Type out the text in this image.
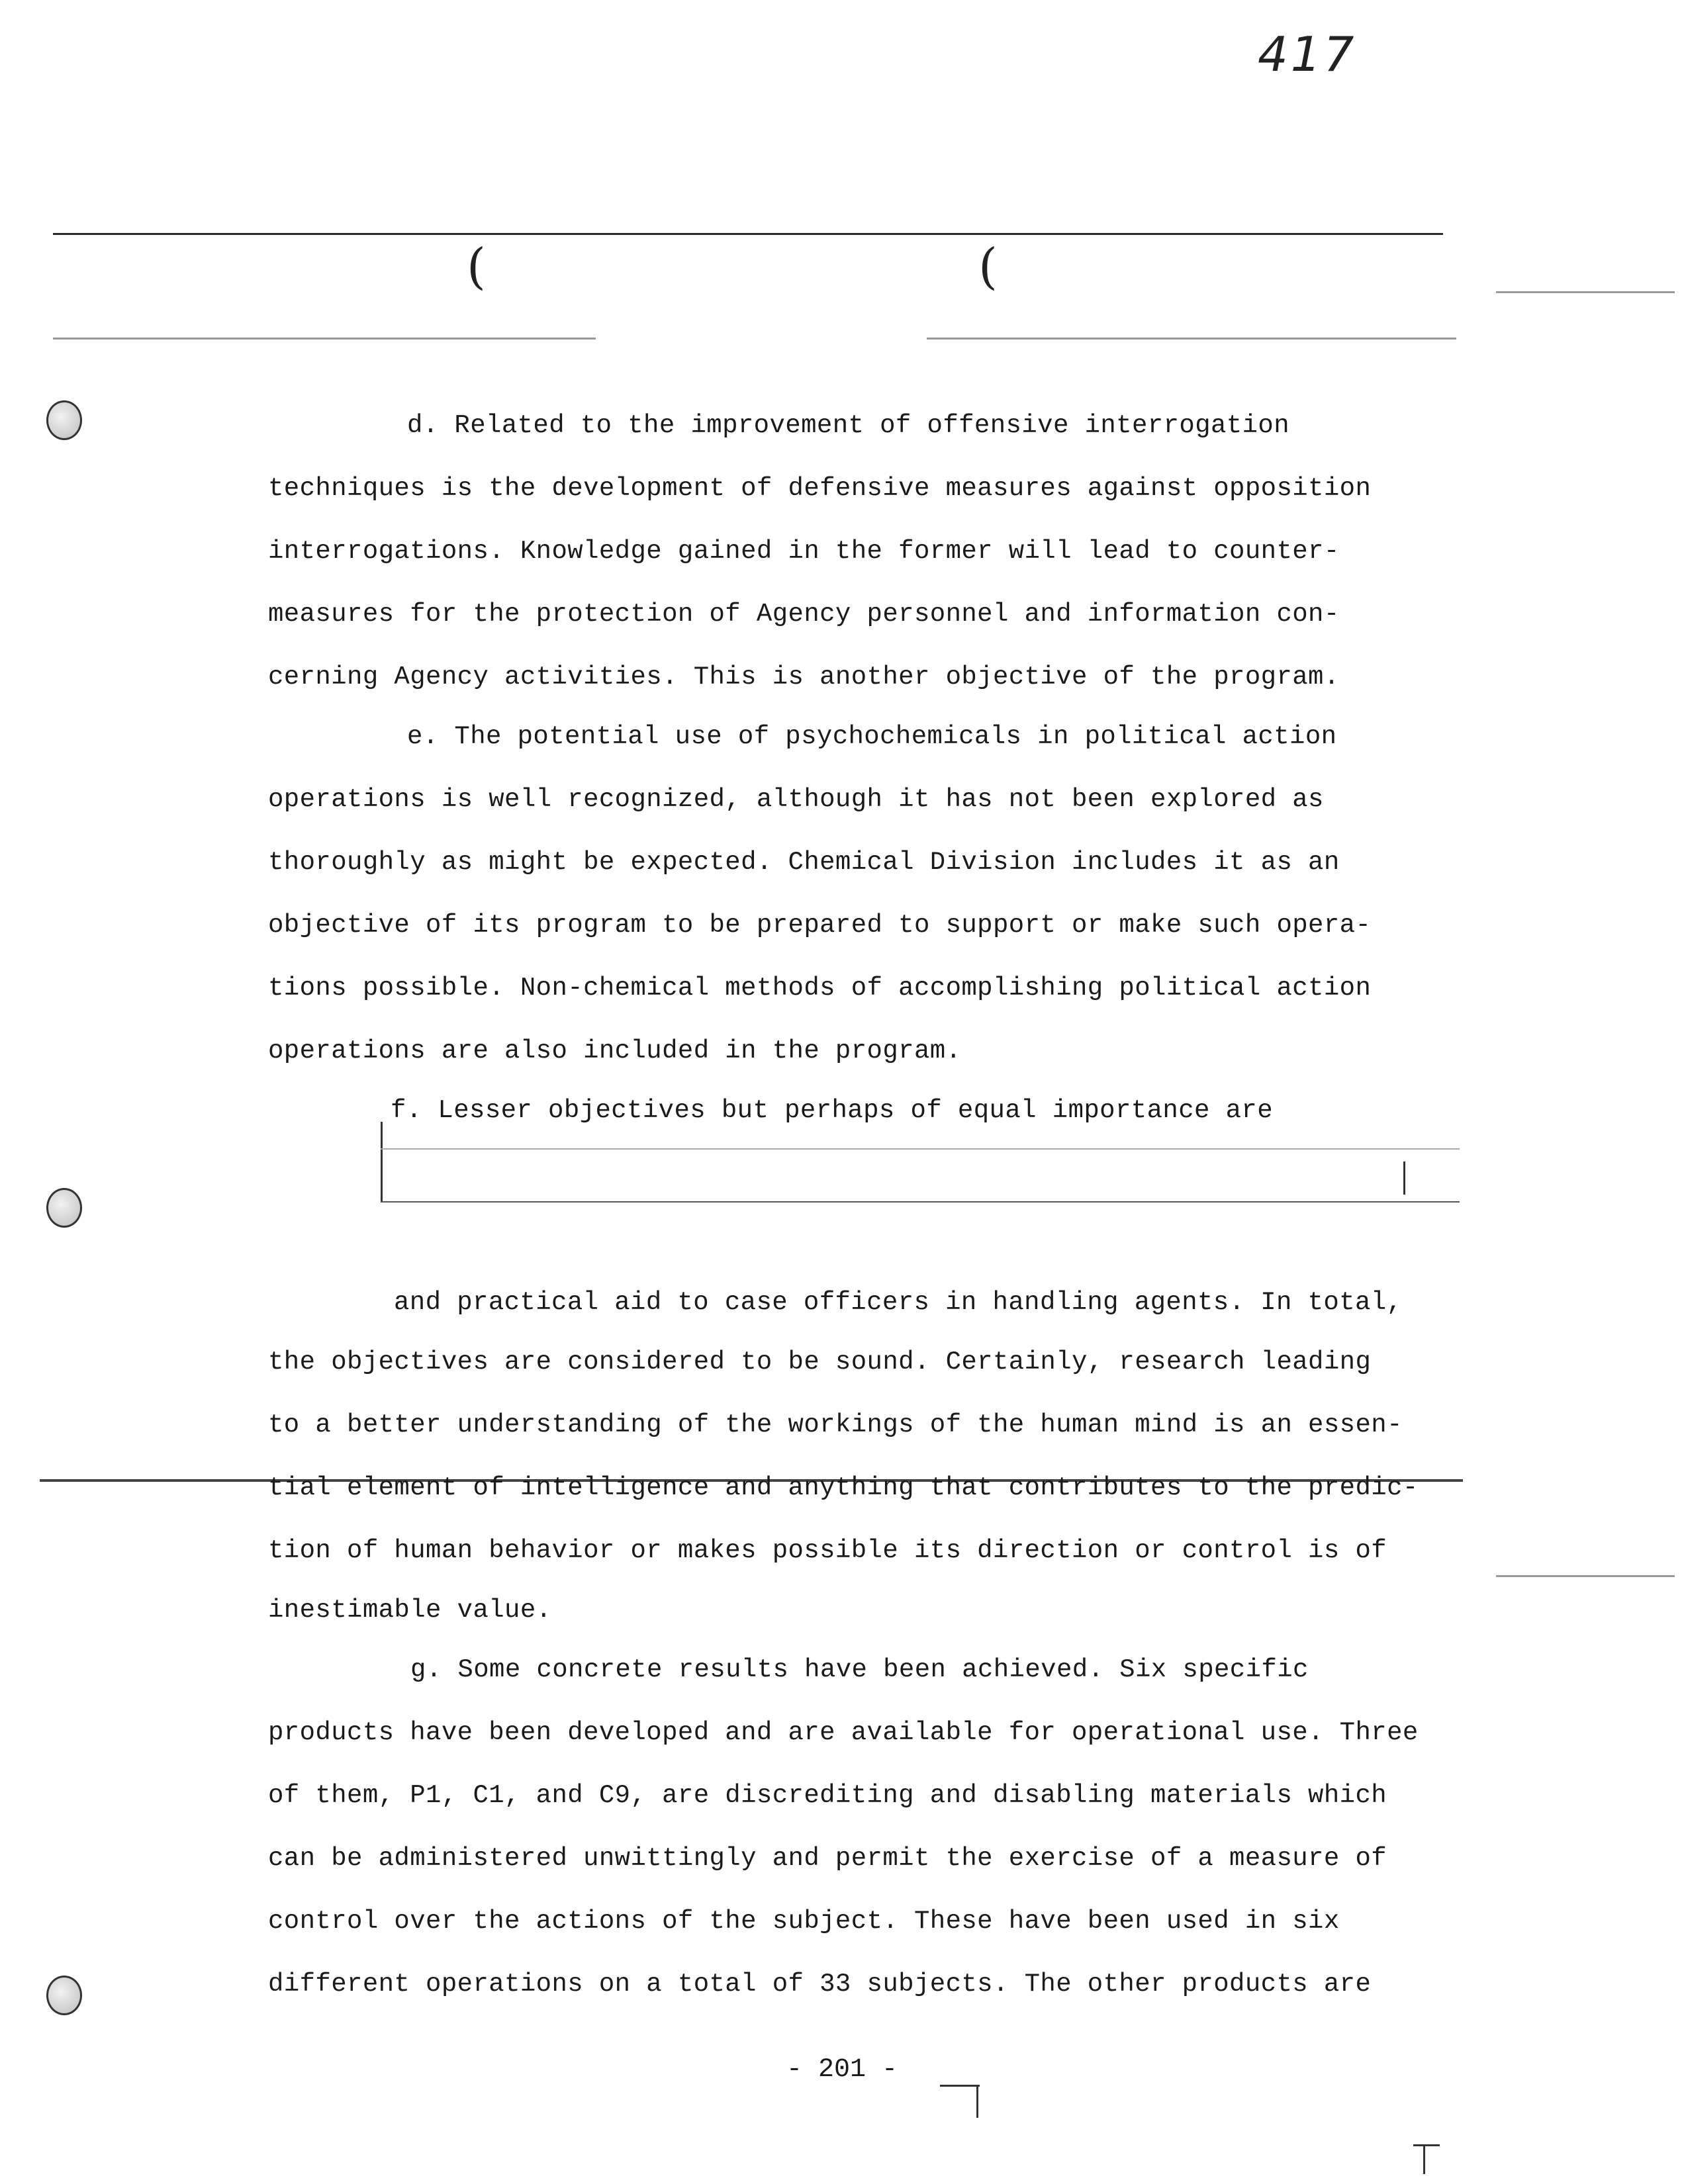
417
(	(
d. Related to the improvement of offensive interrogation
techniques is the development of defensive measures against opposition
interrogations. Knowledge gained in the former will lead to counter-
measures for the protection of Agency personnel and information con-
cerning Agency activities. This is another objective of the program.
e. The potential use of psychochemicals in political action
operations is well recognized, although it has not been explored as
thoroughly as might be expected. Chemical Division includes it as an
objective of its program to be prepared to support or make such opera-
tions possible. Non-chemical methods of accomplishing political action
operations are also included in the program.
f. Lesser objectives but perhaps of equal importance are
and practical aid to case officers in handling agents. In total,
the objectives are considered to be sound. Certainly, research leading
to a better understanding of the workings of the human mind is an essen-
tial element of intelligence and anything that contributes to the predic-
tion of human behavior or makes possible its direction or control is of
inestimable value.
g. Some concrete results have been achieved. Six specific
products have been developed and are available for operational use. Three
of them, P1, C1, and C9, are discrediting and disabling materials which
can be administered unwittingly and permit the exercise of a measure of
control over the actions of the subject. These have been used in six
different operations on a total of 33 subjects. The other products are
- 201 -
